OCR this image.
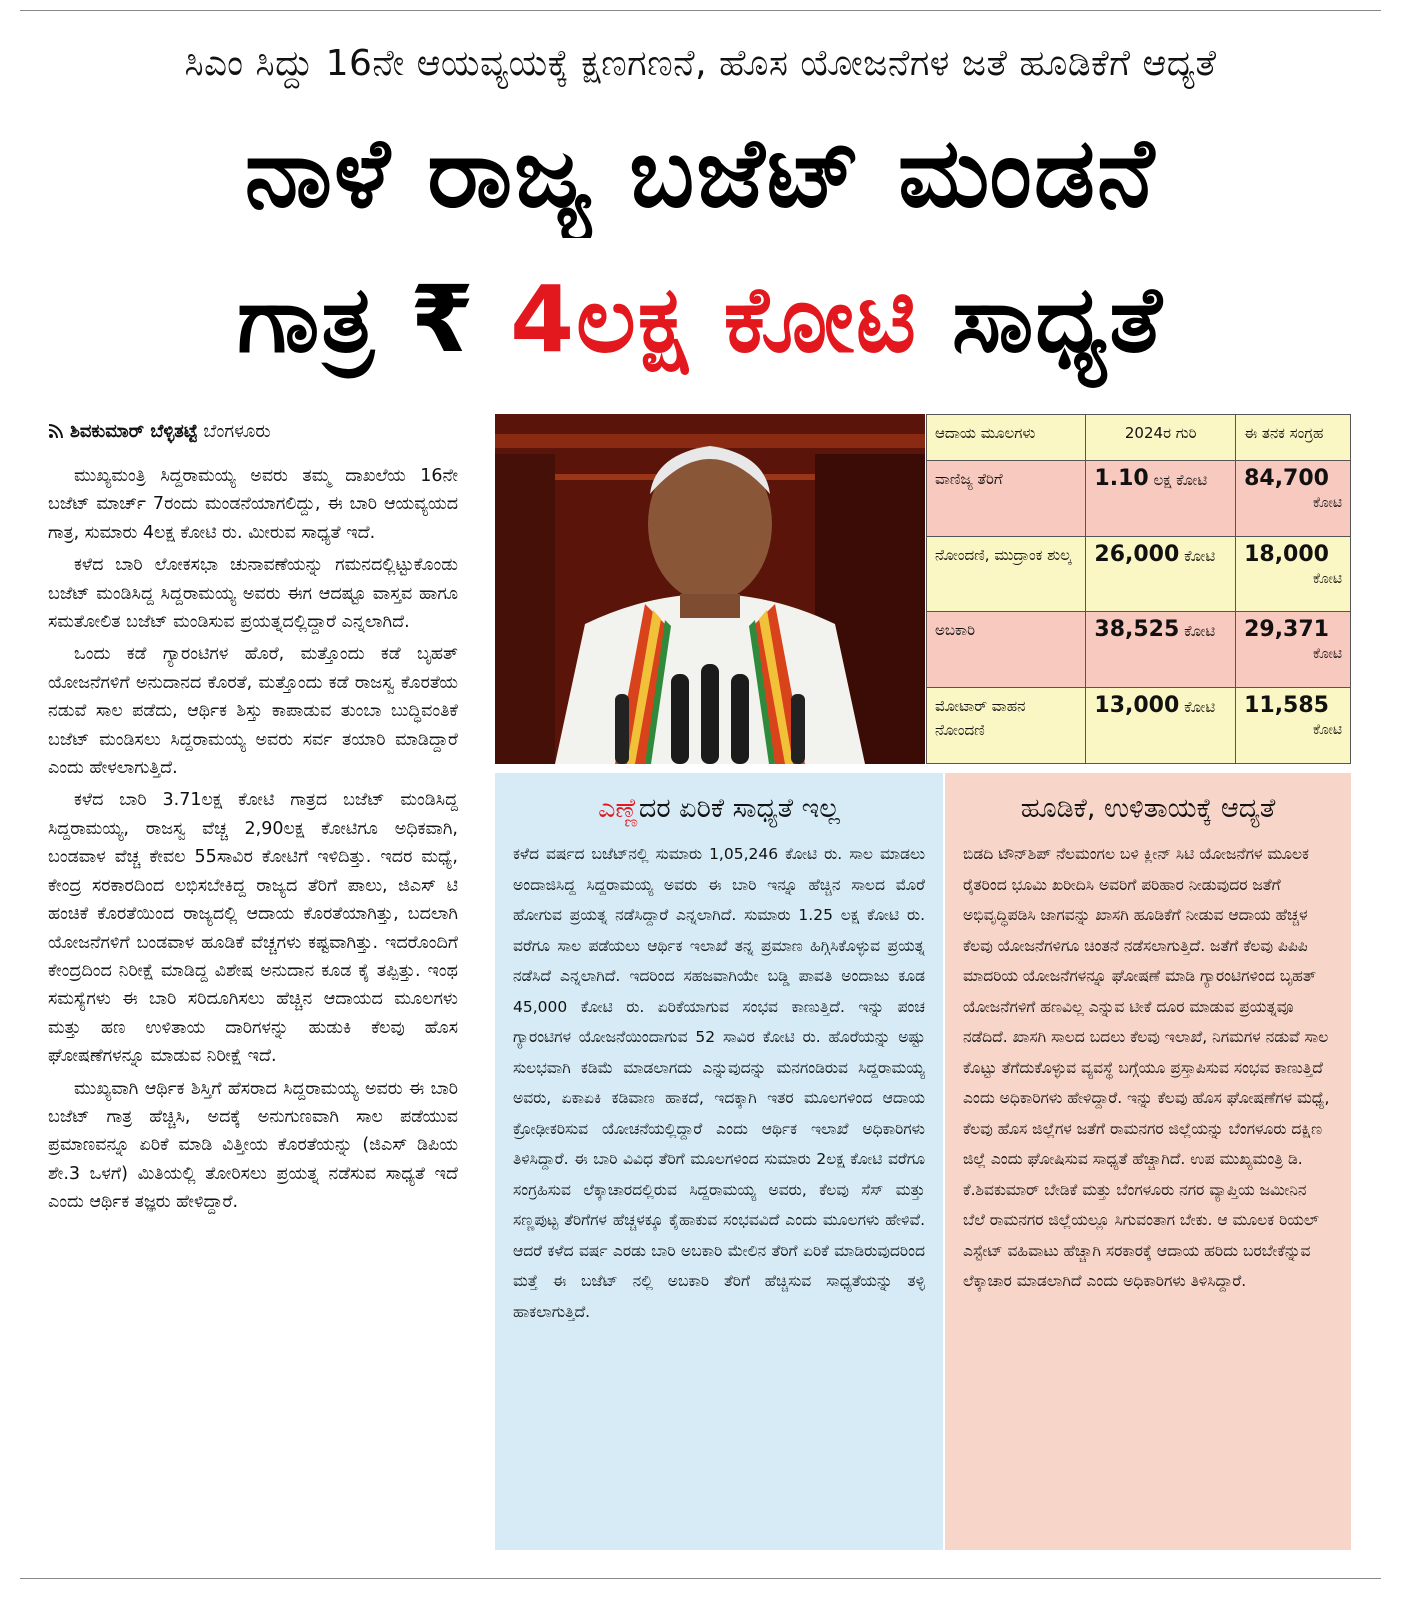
ಸಿಎಂ ಸಿದ್ದು 16ನೇ ಆಯವ್ಯಯಕ್ಕೆ ಕ್ಷಣಗಣನೆ, ಹೊಸ ಯೋಜನೆಗಳ ಜತೆ ಹೂಡಿಕೆಗೆ ಆದ್ಯತೆ
ನಾಳೆ ರಾಜ್ಯ ಬಜೆಟ್ ಮಂಡನೆ
ಗಾತ್ರ ₹ 4ಲಕ್ಷ ಕೋಟಿ ಸಾಧ್ಯತೆ
ಶಿವಕುಮಾರ್ ಬೆಳ್ಳಿತಟ್ಟೆ ಬೆಂಗಳೂರು

ಮುಖ್ಯಮಂತ್ರಿ ಸಿದ್ದರಾಮಯ್ಯ ಅವರು ತಮ್ಮ ದಾಖಲೆಯ 16ನೇ ಬಜೆಟ್ ಮಾರ್ಚ್ 7ರಂದು ಮಂಡನೆಯಾಗಲಿದ್ದು, ಈ ಬಾರಿ ಆಯವ್ಯಯದ ಗಾತ್ರ, ಸುಮಾರು 4ಲಕ್ಷ ಕೋಟಿ ರು. ಮೀರುವ ಸಾಧ್ಯತೆ ಇದೆ.

ಕಳೆದ ಬಾರಿ ಲೋಕಸಭಾ ಚುನಾವಣೆಯನ್ನು ಗಮನದಲ್ಲಿಟ್ಟುಕೊಂಡು ಬಜೆಟ್ ಮಂಡಿಸಿದ್ದ ಸಿದ್ದರಾಮಯ್ಯ ಅವರು ಈಗ ಆದಷ್ಟೂ ವಾಸ್ತವ ಹಾಗೂ ಸಮತೋಲಿತ ಬಜೆಟ್ ಮಂಡಿಸುವ ಪ್ರಯತ್ನದಲ್ಲಿದ್ದಾರೆ ಎನ್ನಲಾಗಿದೆ.

ಒಂದು ಕಡೆ ಗ್ಯಾರಂಟಿಗಳ ಹೊರೆ, ಮತ್ತೊಂದು ಕಡೆ ಬೃಹತ್ ಯೋಜನೆಗಳಿಗೆ ಅನುದಾನದ ಕೊರತೆ, ಮತ್ತೊಂದು ಕಡೆ ರಾಜಸ್ವ ಕೊರತೆಯ ನಡುವೆ ಸಾಲ ಪಡೆದು, ಆರ್ಥಿಕ ಶಿಸ್ತು ಕಾಪಾಡುವ ತುಂಬಾ ಬುದ್ಧಿವಂತಿಕೆ ಬಜೆಟ್ ಮಂಡಿಸಲು ಸಿದ್ದರಾಮಯ್ಯ ಅವರು ಸರ್ವ ತಯಾರಿ ಮಾಡಿದ್ದಾರೆ ಎಂದು ಹೇಳಲಾಗುತ್ತಿದೆ.

ಕಳೆದ ಬಾರಿ 3.71ಲಕ್ಷ ಕೋಟಿ ಗಾತ್ರದ ಬಜೆಟ್ ಮಂಡಿಸಿದ್ದ ಸಿದ್ದರಾಮಯ್ಯ, ರಾಜಸ್ವ ವೆಚ್ಚ 2,90ಲಕ್ಷ ಕೋಟಿಗೂ ಅಧಿಕವಾಗಿ, ಬಂಡವಾಳ ವೆಚ್ಚ ಕೇವಲ 55ಸಾವಿರ ಕೋಟಿಗೆ ಇಳಿದಿತ್ತು. ಇದರ ಮಧ್ಯೆ, ಕೇಂದ್ರ ಸರಕಾರದಿಂದ ಲಭಿಸಬೇಕಿದ್ದ ರಾಜ್ಯದ ತೆರಿಗೆ ಪಾಲು, ಜಿಎಸ್ ಟಿ ಹಂಚಿಕೆ ಕೊರತೆಯಿಂದ ರಾಜ್ಯದಲ್ಲಿ ಆದಾಯ ಕೊರತೆಯಾಗಿತ್ತು, ಬದಲಾಗಿ ಯೋಜನೆಗಳಿಗೆ ಬಂಡವಾಳ ಹೂಡಿಕೆ ವೆಚ್ಚಗಳು ಕಷ್ಟವಾಗಿತ್ತು. ಇದರೊಂದಿಗೆ ಕೇಂದ್ರದಿಂದ ನಿರೀಕ್ಷೆ ಮಾಡಿದ್ದ ವಿಶೇಷ ಅನುದಾನ ಕೂಡ ಕೈ ತಪ್ಪಿತ್ತು. ಇಂಥ ಸಮಸ್ಯೆಗಳು ಈ ಬಾರಿ ಸರಿದೂಗಿಸಲು ಹೆಚ್ಚಿನ ಆದಾಯದ ಮೂಲಗಳು ಮತ್ತು ಹಣ ಉಳಿತಾಯ ದಾರಿಗಳನ್ನು ಹುಡುಕಿ ಕೆಲವು ಹೊಸ ಘೋಷಣೆಗಳನ್ನೂ ಮಾಡುವ ನಿರೀಕ್ಷೆ ಇದೆ.

ಮುಖ್ಯವಾಗಿ ಆರ್ಥಿಕ ಶಿಸ್ತಿಗೆ ಹೆಸರಾದ ಸಿದ್ದರಾಮಯ್ಯ ಅವರು ಈ ಬಾರಿ ಬಜೆಟ್ ಗಾತ್ರ ಹೆಚ್ಚಿಸಿ, ಅದಕ್ಕೆ ಅನುಗುಣವಾಗಿ ಸಾಲ ಪಡೆಯುವ ಪ್ರಮಾಣವನ್ನೂ ಏರಿಕೆ ಮಾಡಿ ವಿತ್ತೀಯ ಕೊರತೆಯನ್ನು (ಜಿಎಸ್ ಡಿಪಿಯ ಶೇ.3 ಒಳಗೆ) ಮಿತಿಯಲ್ಲಿ ತೋರಿಸಲು ಪ್ರಯತ್ನ ನಡೆಸುವ ಸಾಧ್ಯತೆ ಇದೆ ಎಂದು ಆರ್ಥಿಕ ತಜ್ಞರು ಹೇಳಿದ್ದಾರೆ.

ಆದಾಯ ಮೂಲಗಳು	2024ರ ಗುರಿ	ಈ ತನಕ ಸಂಗ್ರಹ
ವಾಣಿಜ್ಯ ತೆರಿಗೆ	1.10 ಲಕ್ಷ ಕೋಟಿ	84,700
ಕೋಟಿ

ನೋಂದಣಿ, ಮುದ್ರಾಂಕ ಶುಲ್ಕ	26,000 ಕೋಟಿ	18,000
ಕೋಟಿ

ಅಬಕಾರಿ	38,525 ಕೋಟಿ	29,371
ಕೋಟಿ

ಮೋಟಾರ್ ವಾಹನ ನೋಂದಣಿ	13,000 ಕೋಟಿ	11,585
ಕೋಟಿ
ಎಣ್ಣೆದರ ಏರಿಕೆ ಸಾಧ್ಯತೆ ಇಲ್ಲ
ಕಳೆದ ವರ್ಷದ ಬಜೆಟ್‌ನಲ್ಲಿ ಸುಮಾರು 1,05,246 ಕೋಟಿ ರು. ಸಾಲ ಮಾಡಲು ಅಂದಾಜಿಸಿದ್ದ ಸಿದ್ದರಾಮಯ್ಯ ಅವರು ಈ ಬಾರಿ ಇನ್ನೂ ಹೆಚ್ಚಿನ ಸಾಲದ ಮೊರೆ ಹೋಗುವ ಪ್ರಯತ್ನ ನಡೆಸಿದ್ದಾರೆ ಎನ್ನಲಾಗಿದೆ. ಸುಮಾರು 1.25 ಲಕ್ಷ ಕೋಟಿ ರು. ವರೆಗೂ ಸಾಲ ಪಡೆಯಲು ಆರ್ಥಿಕ ಇಲಾಖೆ ತನ್ನ ಪ್ರಮಾಣ ಹಿಗ್ಗಿಸಿಕೊಳ್ಳುವ ಪ್ರಯತ್ನ ನಡೆಸಿದೆ ಎನ್ನಲಾಗಿದೆ. ಇದರಿಂದ ಸಹಜವಾಗಿಯೇ ಬಡ್ಡಿ ಪಾವತಿ ಅಂದಾಜು ಕೂಡ 45,000 ಕೋಟಿ ರು. ಏರಿಕೆಯಾಗುವ ಸಂಭವ ಕಾಣುತ್ತಿದೆ. ಇನ್ನು ಪಂಚ ಗ್ಯಾರಂಟಿಗಳ ಯೋಜನೆಯಿಂದಾಗುವ 52 ಸಾವಿರ ಕೋಟಿ ರು. ಹೊರೆಯನ್ನು ಅಷ್ಟು ಸುಲಭವಾಗಿ ಕಡಿಮೆ ಮಾಡಲಾಗದು ಎನ್ನುವುದನ್ನು ಮನಗಂಡಿರುವ ಸಿದ್ದರಾಮಯ್ಯ ಅವರು, ಏಕಾಏಕಿ ಕಡಿವಾಣ ಹಾಕದೆ, ಇದಕ್ಕಾಗಿ ಇತರ ಮೂಲಗಳಿಂದ ಆದಾಯ ಕ್ರೋಢೀಕರಿಸುವ ಯೋಚನೆಯಲ್ಲಿದ್ದಾರೆ ಎಂದು ಆರ್ಥಿಕ ಇಲಾಖೆ ಅಧಿಕಾರಿಗಳು ತಿಳಿಸಿದ್ದಾರೆ. ಈ ಬಾರಿ ವಿವಿಧ ತೆರಿಗೆ ಮೂಲಗಳಿಂದ ಸುಮಾರು 2ಲಕ್ಷ ಕೋಟಿ ವರೆಗೂ ಸಂಗ್ರಹಿಸುವ ಲೆಕ್ಕಾಚಾರದಲ್ಲಿರುವ ಸಿದ್ದರಾಮಯ್ಯ ಅವರು, ಕೆಲವು ಸೆಸ್ ಮತ್ತು ಸಣ್ಣಪುಟ್ಟ ತೆರಿಗೆಗಳ ಹೆಚ್ಚಳಕ್ಕೂ ಕೈಹಾಕುವ ಸಂಭವವಿದೆ ಎಂದು ಮೂಲಗಳು ಹೇಳಿವೆ. ಆದರೆ ಕಳೆದ ವರ್ಷ ಎರಡು ಬಾರಿ ಅಬಕಾರಿ ಮೇಲಿನ ತೆರಿಗೆ ಏರಿಕೆ ಮಾಡಿರುವುದರಿಂದ ಮತ್ತೆ ಈ ಬಜೆಟ್ ನಲ್ಲಿ ಅಬಕಾರಿ ತೆರಿಗೆ ಹೆಚ್ಚಿಸುವ ಸಾಧ್ಯತೆಯನ್ನು ತಳ್ಳಿ ಹಾಕಲಾಗುತ್ತಿದೆ.
ಹೂಡಿಕೆ, ಉಳಿತಾಯಕ್ಕೆ ಆದ್ಯತೆ
ಬಿಡದಿ ಟೌನ್‌ಶಿಪ್ ನೆಲಮಂಗಲ ಬಳಿ ಕ್ಲೀನ್ ಸಿಟಿ ಯೋಜನೆಗಳ ಮೂಲಕ ರೈತರಿಂದ ಭೂಮಿ ಖರೀದಿಸಿ ಅವರಿಗೆ ಪರಿಹಾರ ನೀಡುವುದರ ಜತೆಗೆ ಅಭಿವೃದ್ಧಿಪಡಿಸಿ ಜಾಗವನ್ನು ಖಾಸಗಿ ಹೂಡಿಕೆಗೆ ನೀಡುವ ಆದಾಯ ಹೆಚ್ಚಳ ಕೆಲವು ಯೋಜನೆಗಳಿಗೂ ಚಿಂತನೆ ನಡೆಸಲಾಗುತ್ತಿದೆ. ಜತೆಗೆ ಕೆಲವು ಪಿಪಿಪಿ ಮಾದರಿಯ ಯೋಜನೆಗಳನ್ನೂ ಘೋಷಣೆ ಮಾಡಿ ಗ್ಯಾರಂಟಿಗಳಿಂದ ಬೃಹತ್ ಯೋಜನೆಗಳಿಗೆ ಹಣವಿಲ್ಲ ಎನ್ನುವ ಟೀಕೆ ದೂರ ಮಾಡುವ ಪ್ರಯತ್ನವೂ ನಡೆದಿದೆ. ಖಾಸಗಿ ಸಾಲದ ಬದಲು ಕೆಲವು ಇಲಾಖೆ, ನಿಗಮಗಳ ನಡುವೆ ಸಾಲ ಕೊಟ್ಟು ತೆಗೆದುಕೊಳ್ಳುವ ವ್ಯವಸ್ಥೆ ಬಗ್ಗೆಯೂ ಪ್ರಸ್ತಾಪಿಸುವ ಸಂಭವ ಕಾಣುತ್ತಿದೆ ಎಂದು ಅಧಿಕಾರಿಗಳು ಹೇಳಿದ್ದಾರೆ. ಇನ್ನು ಕೆಲವು ಹೊಸ ಘೋಷಣೆಗಳ ಮಧ್ಯೆ, ಕೆಲವು ಹೊಸ ಜಿಲ್ಲೆಗಳ ಜತೆಗೆ ರಾಮನಗರ ಜಿಲ್ಲೆಯನ್ನು ಬೆಂಗಳೂರು ದಕ್ಷಿಣ ಜಿಲ್ಲೆ ಎಂದು ಘೋಷಿಸುವ ಸಾಧ್ಯತೆ ಹೆಚ್ಚಾಗಿದೆ. ಉಪ ಮುಖ್ಯಮಂತ್ರಿ ಡಿ. ಕೆ.ಶಿವಕುಮಾರ್ ಬೇಡಿಕೆ ಮತ್ತು ಬೆಂಗಳೂರು ನಗರ ವ್ಯಾಪ್ತಿಯ ಜಮೀನಿನ ಬೆಲೆ ರಾಮನಗರ ಜಿಲ್ಲೆಯಲ್ಲೂ ಸಿಗುವಂತಾಗ ಬೇಕು. ಆ ಮೂಲಕ ರಿಯಲ್ ಎಸ್ಟೇಟ್ ವಹಿವಾಟು ಹೆಚ್ಚಾಗಿ ಸರಕಾರಕ್ಕೆ ಆದಾಯ ಹರಿದು ಬರಬೇಕೆನ್ನುವ ಲೆಕ್ಕಾಚಾರ ಮಾಡಲಾಗಿದೆ ಎಂದು ಅಧಿಕಾರಿಗಳು ತಿಳಿಸಿದ್ದಾರೆ.
